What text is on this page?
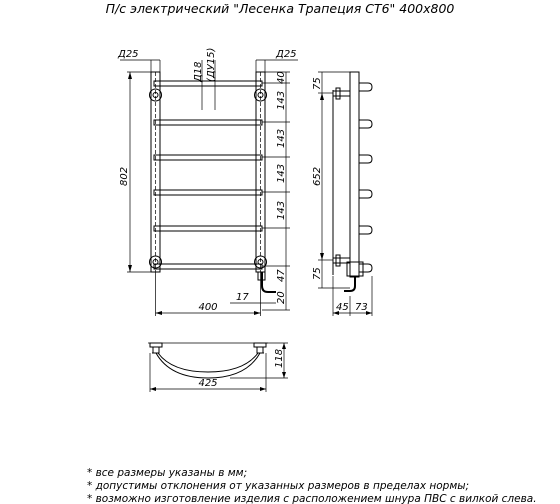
П/с электрический "Лесенка Трапеция СТ6" 400x800
Д25	Д25
Д18 (ДУ15)
802
40
143
143
143
143
47
20
400
17
75
652
75
45 73
118
425
* все размеры указаны в мм;
* допустимы отклонения от указанных размеров в пределах нормы;
* возможно изготовление изделия с расположением шнура ПВС с вилкой слева.
